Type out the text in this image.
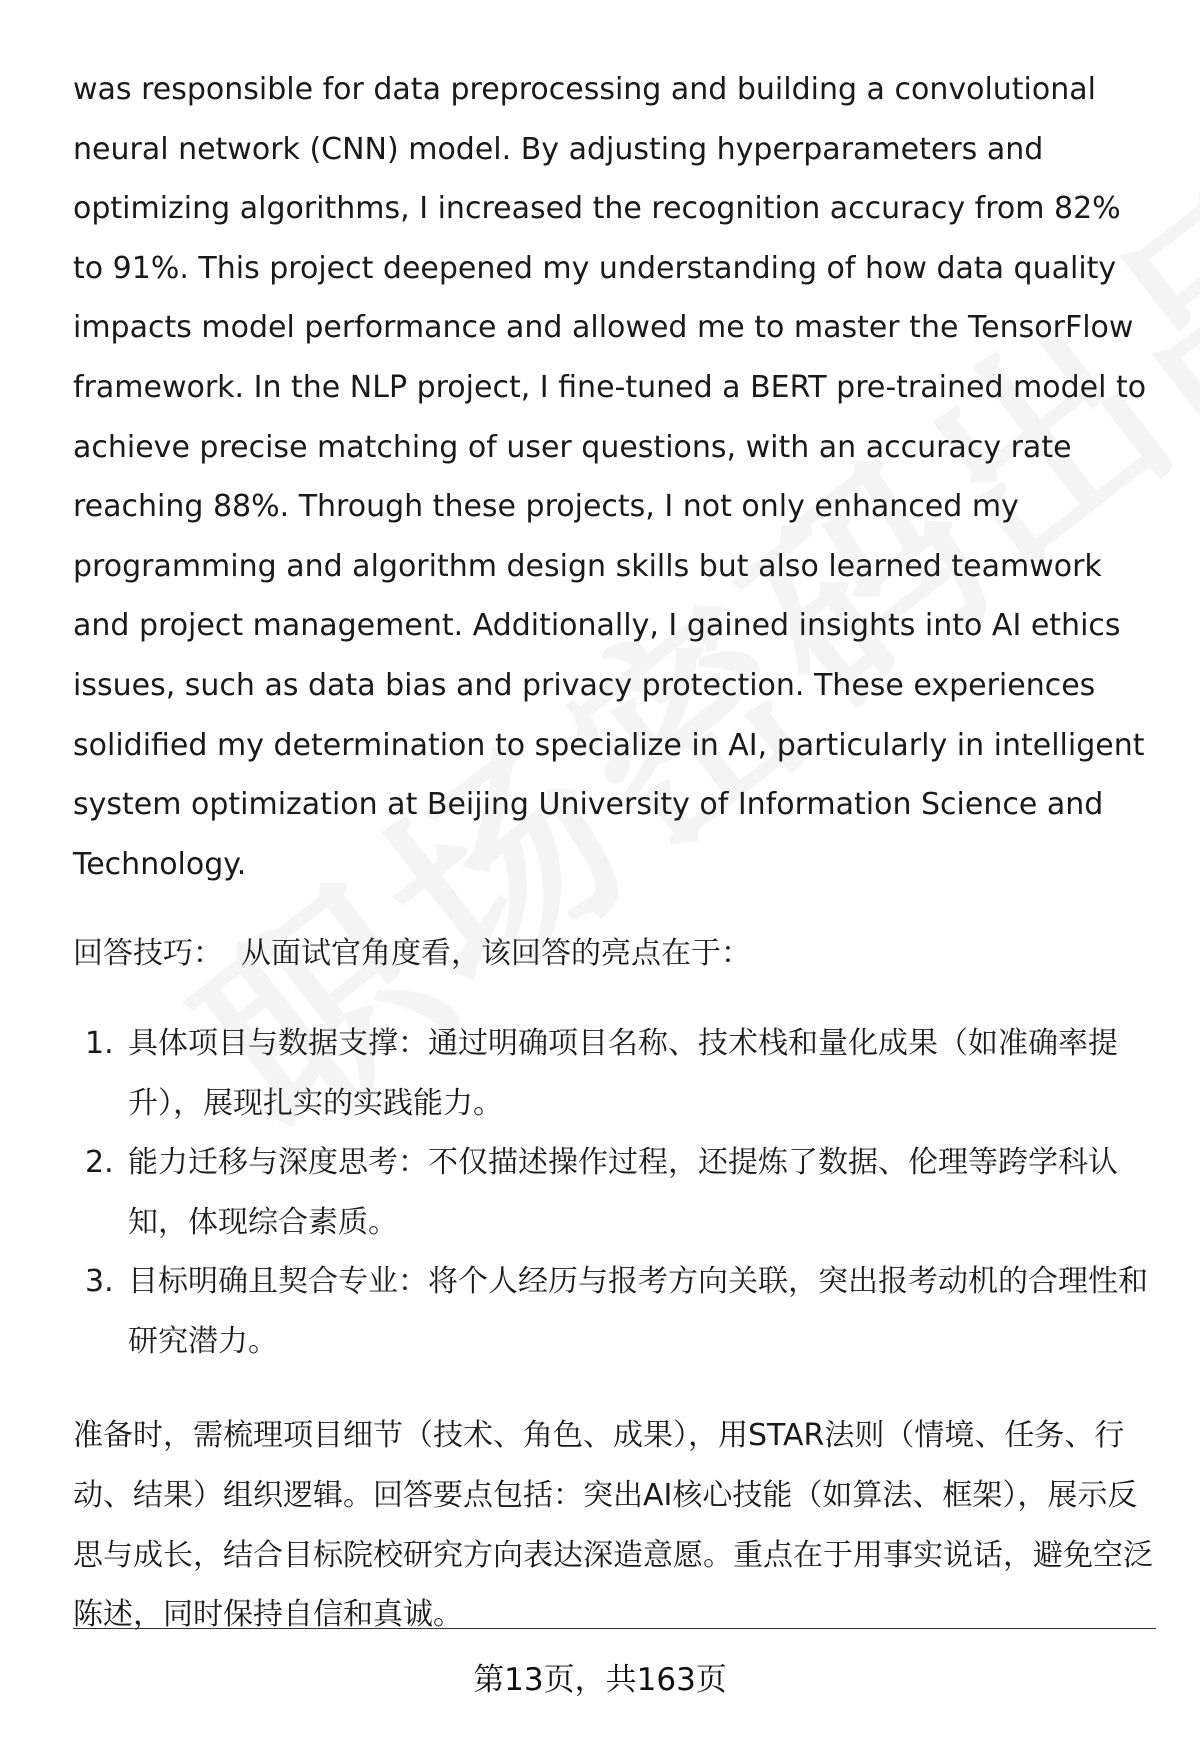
was responsible for data preprocessing and building a convolutional neural network (CNN) model. By adjusting hyperparameters and optimizing algorithms, I increased the recognition accuracy from 82% to 91%. This project deepened my understanding of how data quality impacts model performance and allowed me to master the TensorFlow framework. In the NLP project, I fine-tuned a BERT pre-trained model to achieve precise matching of user questions, with an accuracy rate reaching 88%. Through these projects, I not only enhanced my programming and algorithm design skills but also learned teamwork and project management. Additionally, I gained insights into AI ethics issues, such as data bias and privacy protection. These experiences solidified my determination to specialize in AI, particularly in intelligent system optimization at Beijing University of Information Science and Technology.

回答技巧： 从面试官角度看，该回答的亮点在于：

1. 具体项目与数据支撑：通过明确项目名称、技术栈和量化成果（如准确率提升），展现扎实的实践能力。
2. 能力迁移与深度思考：不仅描述操作过程，还提炼了数据、伦理等跨学科认知，体现综合素质。
3. 目标明确且契合专业：将个人经历与报考方向关联，突出报考动机的合理性和研究潜力。

准备时，需梳理项目细节（技术、角色、成果），用STAR法则（情境、任务、行动、结果）组织逻辑。回答要点包括：突出AI核心技能（如算法、框架），展示反思与成长，结合目标院校研究方向表达深造意愿。重点在于用事实说话，避免空泛陈述，同时保持自信和真诚。

第13页，共163页
